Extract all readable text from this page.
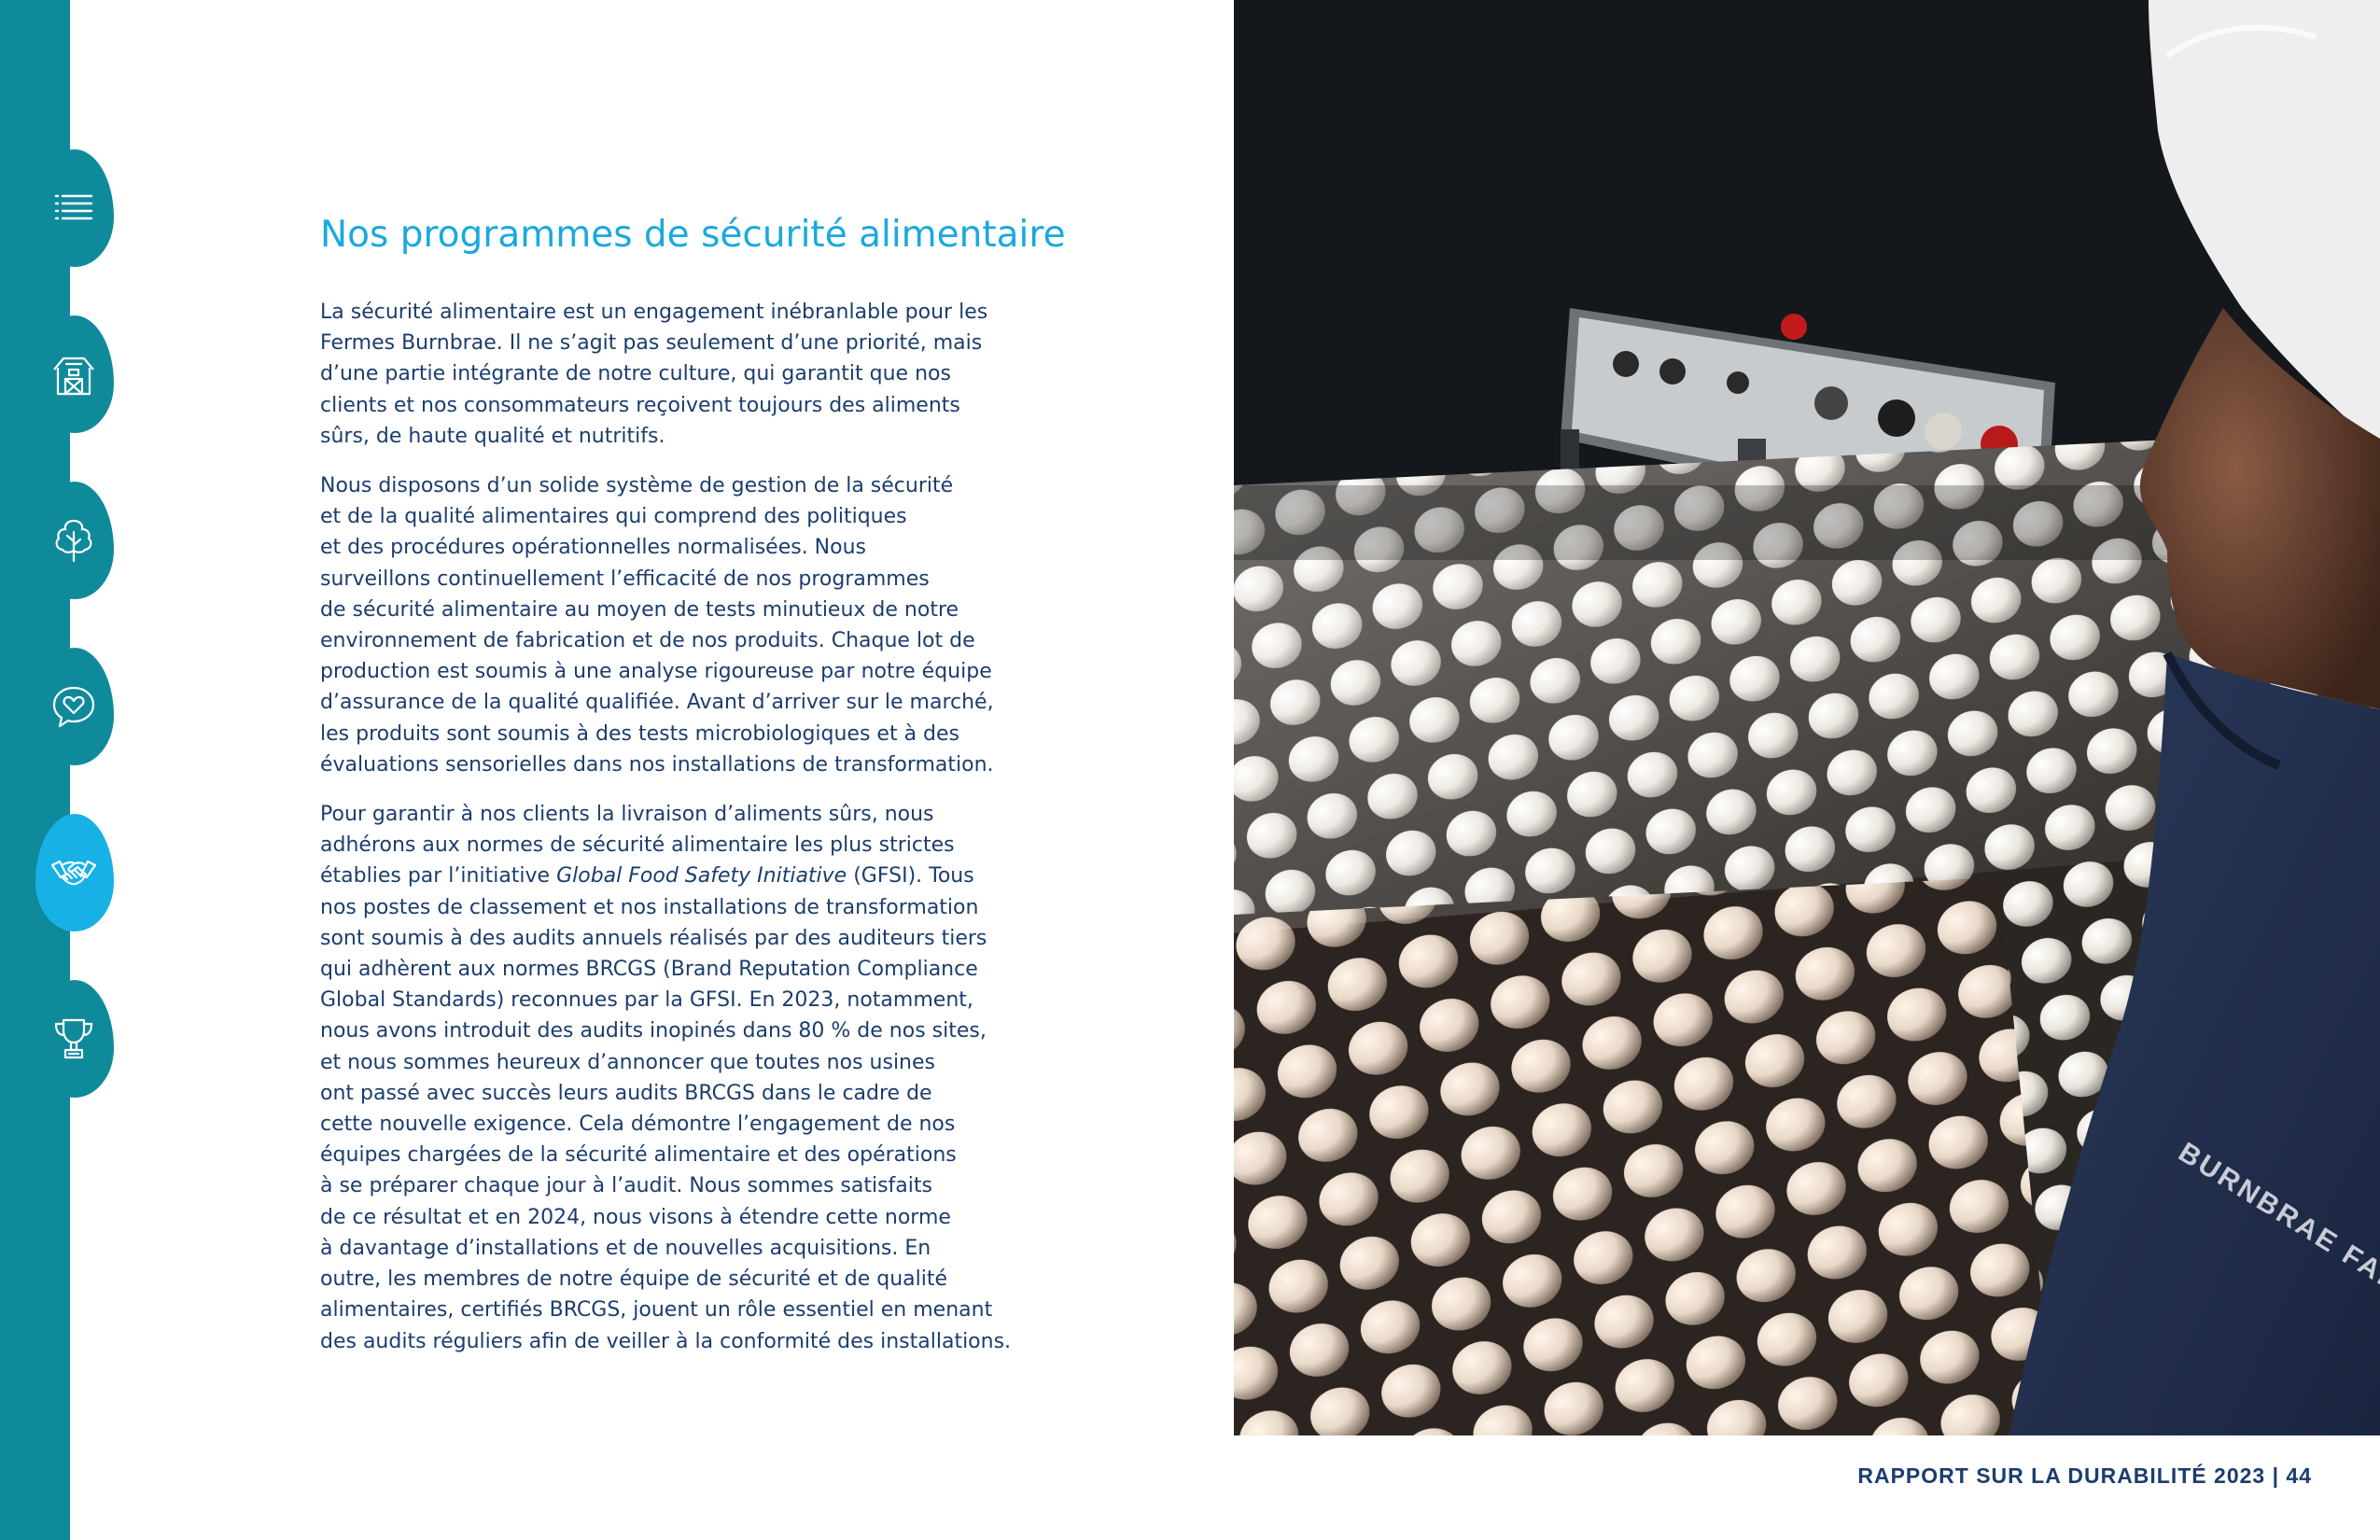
Nos programmes de sécurité alimentaire

La sécurité alimentaire est un engagement inébranlable pour les
Fermes Burnbrae. Il ne s’agit pas seulement d’une priorité, mais
d’une partie intégrante de notre culture, qui garantit que nos
clients et nos consommateurs reçoivent toujours des aliments
sûrs, de haute qualité et nutritifs.

Nous disposons d’un solide système de gestion de la sécurité
et de la qualité alimentaires qui comprend des politiques
et des procédures opérationnelles normalisées. Nous
surveillons continuellement l’efficacité de nos programmes
de sécurité alimentaire au moyen de tests minutieux de notre
environnement de fabrication et de nos produits. Chaque lot de
production est soumis à une analyse rigoureuse par notre équipe
d’assurance de la qualité qualifiée. Avant d’arriver sur le marché,
les produits sont soumis à des tests microbiologiques et à des
évaluations sensorielles dans nos installations de transformation.

Pour garantir à nos clients la livraison d’aliments sûrs, nous
adhérons aux normes de sécurité alimentaire les plus strictes
établies par l’initiative Global Food Safety Initiative (GFSI). Tous
nos postes de classement et nos installations de transformation
sont soumis à des audits annuels réalisés par des auditeurs tiers
qui adhèrent aux normes BRCGS (Brand Reputation Compliance
Global Standards) reconnues par la GFSI. En 2023, notamment,
nous avons introduit des audits inopinés dans 80 % de nos sites,
et nous sommes heureux d’annoncer que toutes nos usines
ont passé avec succès leurs audits BRCGS dans le cadre de
cette nouvelle exigence. Cela démontre l’engagement de nos
équipes chargées de la sécurité alimentaire et des opérations
à se préparer chaque jour à l’audit. Nous sommes satisfaits
de ce résultat et en 2024, nous visons à étendre cette norme
à davantage d’installations et de nouvelles acquisitions. En
outre, les membres de notre équipe de sécurité et de qualité
alimentaires, certifiés BRCGS, jouent un rôle essentiel en menant
des audits réguliers afin de veiller à la conformité des installations.

RAPPORT SUR LA DURABILITÉ 2023 | 44
